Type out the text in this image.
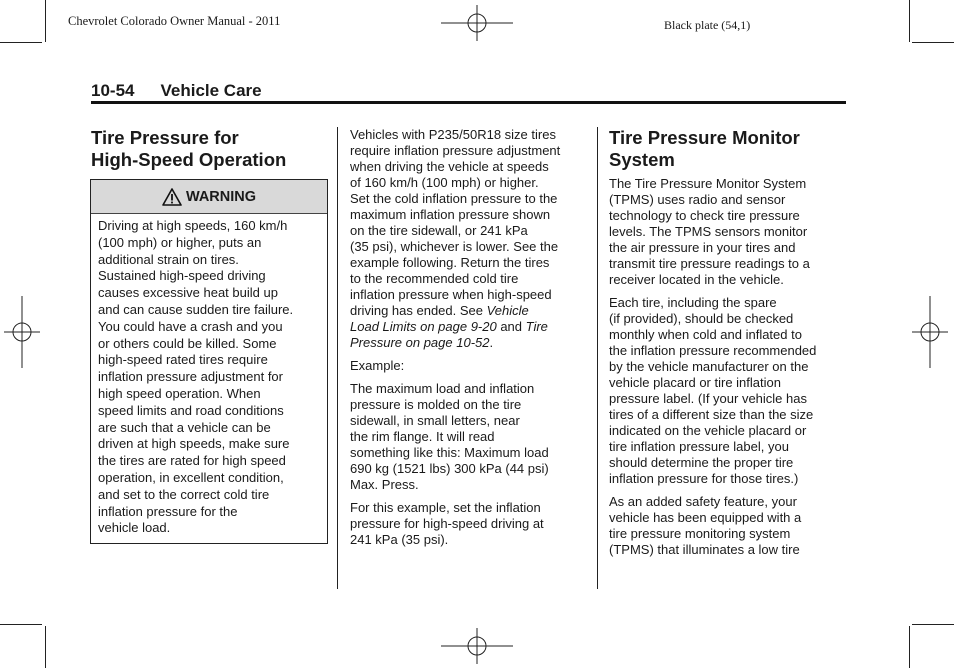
Chevrolet Colorado Owner Manual - 2011	Black plate (54,1)
10-54 Vehicle Care
Tire Pressure for
High-Speed Operation
WARNING
Driving at high speeds, 160 km/h
(100 mph) or higher, puts an
additional strain on tires.
Sustained high-speed driving
causes excessive heat build up
and can cause sudden tire failure.
You could have a crash and you
or others could be killed. Some
high-speed rated tires require
inflation pressure adjustment for
high speed operation. When
speed limits and road conditions
are such that a vehicle can be
driven at high speeds, make sure
the tires are rated for high speed
operation, in excellent condition,
and set to the correct cold tire
inflation pressure for the
vehicle load.

Vehicles with P235/50R18 size tires
require inflation pressure adjustment
when driving the vehicle at speeds
of 160 km/h (100 mph) or higher.
Set the cold inflation pressure to the
maximum inflation pressure shown
on the tire sidewall, or 241 kPa
(35 psi), whichever is lower. See the
example following. Return the tires
to the recommended cold tire
inflation pressure when high-speed
driving has ended. See Vehicle
Load Limits on page 9-20 and Tire
Pressure on page 10-52.

Example:

The maximum load and inflation
pressure is molded on the tire
sidewall, in small letters, near
the rim flange. It will read
something like this: Maximum load
690 kg (1521 lbs) 300 kPa (44 psi)
Max. Press.

For this example, set the inflation
pressure for high-speed driving at
241 kPa (35 psi).

Tire Pressure Monitor
System

The Tire Pressure Monitor System
(TPMS) uses radio and sensor
technology to check tire pressure
levels. The TPMS sensors monitor
the air pressure in your tires and
transmit tire pressure readings to a
receiver located in the vehicle.

Each tire, including the spare
(if provided), should be checked
monthly when cold and inflated to
the inflation pressure recommended
by the vehicle manufacturer on the
vehicle placard or tire inflation
pressure label. (If your vehicle has
tires of a different size than the size
indicated on the vehicle placard or
tire inflation pressure label, you
should determine the proper tire
inflation pressure for those tires.)

As an added safety feature, your
vehicle has been equipped with a
tire pressure monitoring system
(TPMS) that illuminates a low tire
